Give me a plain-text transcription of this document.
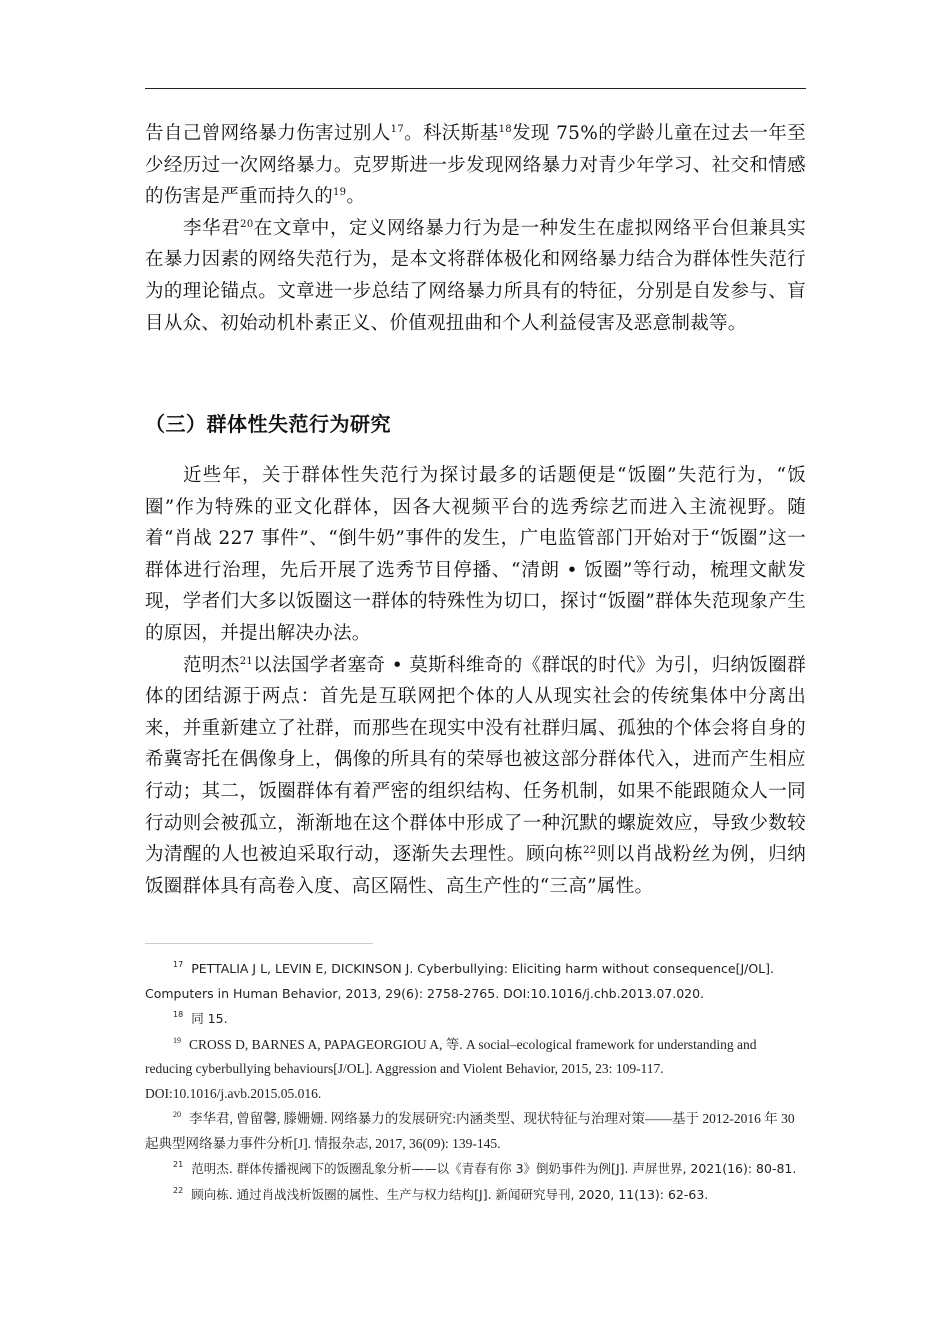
告自己曾网络暴力伤害过别人$^{17}$。科沃斯基$^{18}$发现 75%的学龄儿童在过去一年至少经历过一次网络暴力。克罗斯进一步发现网络暴力对青少年学习、社交和情感的伤害是严重而持久的$^{19}$。

李华君$^{20}$在文章中，定义网络暴力行为是一种发生在虚拟网络平台但兼具实在暴力因素的网络失范行为，是本文将群体极化和网络暴力结合为群体性失范行为的理论锚点。文章进一步总结了网络暴力所具有的特征，分别是自发参与、盲目从众、初始动机朴素正义、价值观扭曲和个人利益侵害及恶意制裁等。

（三）群体性失范行为研究

近些年，关于群体性失范行为探讨最多的话题便是“饭圈”失范行为，“饭圈”作为特殊的亚文化群体，因各大视频平台的选秀综艺而进入主流视野。随着“肖战 227 事件”、“倒牛奶”事件的发生，广电监管部门开始对于“饭圈”这一群体进行治理，先后开展了选秀节目停播、“清朗 • 饭圈”等行动，梳理文献发现，学者们大多以饭圈这一群体的特殊性为切口，探讨“饭圈”群体失范现象产生的原因，并提出解决办法。

范明杰$^{21}$以法国学者塞奇 • 莫斯科维奇的《群氓的时代》为引，归纳饭圈群体的团结源于两点：首先是互联网把个体的人从现实社会的传统集体中分离出来，并重新建立了社群，而那些在现实中没有社群归属、孤独的个体会将自身的希冀寄托在偶像身上，偶像的所具有的荣辱也被这部分群体代入，进而产生相应行动；其二，饭圈群体有着严密的组织结构、任务机制，如果不能跟随众人一同行动则会被孤立，渐渐地在这个群体中形成了一种沉默的螺旋效应，导致少数较为清醒的人也被迫采取行动，逐渐失去理性。顾向栋$^{22}$则以肖战粉丝为例，归纳饭圈群体具有高卷入度、高区隔性、高生产性的“三高”属性。

$^{17}$ PETTALIA J L, LEVIN E, DICKINSON J. Cyberbullying: Eliciting harm without consequence[J/OL]. Computers in Human Behavior, 2013, 29(6): 2758-2765. DOI:10.1016/j.chb.2013.07.020.

$^{18}$ 同 15.

$^{19}$ CROSS D, BARNES A, PAPAGEORGIOU A, 等. A social–ecological framework for understanding and reducing cyberbullying behaviours[J/OL]. Aggression and Violent Behavior, 2015, 23: 109-117. DOI:10.1016/j.avb.2015.05.016.

$^{20}$ 李华君, 曾留馨, 滕姗姗. 网络暴力的发展研究:内涵类型、现状特征与治理对策——基于 2012-2016 年 30 起典型网络暴力事件分析[J]. 情报杂志, 2017, 36(09): 139-145.

$^{21}$ 范明杰. 群体传播视阈下的饭圈乱象分析——以《青春有你 3》倒奶事件为例[J]. 声屏世界, 2021(16): 80-81.

$^{22}$ 顾向栋. 通过肖战浅析饭圈的属性、生产与权力结构[J]. 新闻研究导刊, 2020, 11(13): 62-63.
